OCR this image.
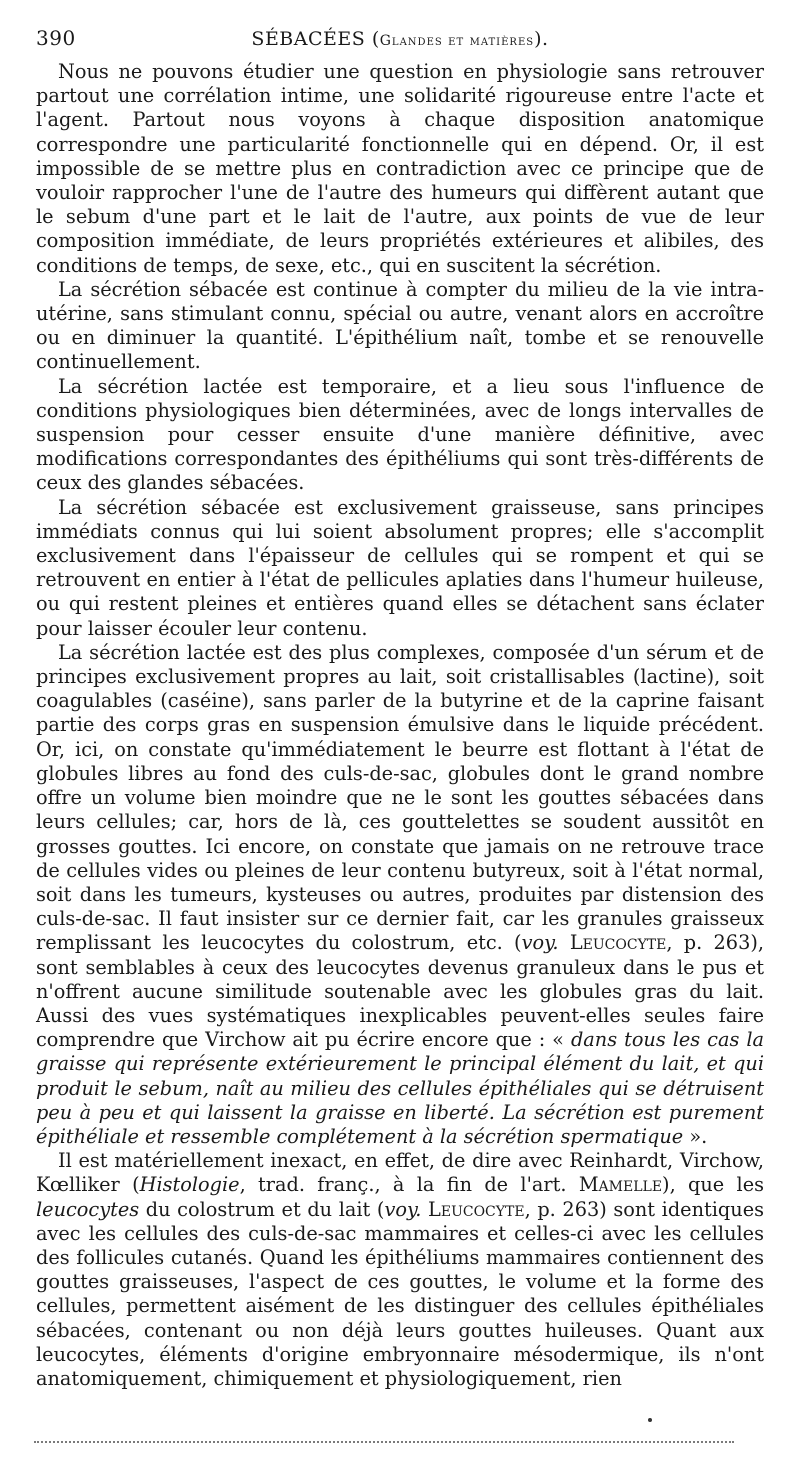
390	SÉBACÉES (Glandes et matières).

Nous ne pouvons étudier une question en physiologie sans retrouver partout une corrélation intime, une solidarité rigoureuse entre l'acte et l'agent. Partout nous voyons à chaque disposition anatomique correspondre une particularité fonctionnelle qui en dépend. Or, il est impossible de se mettre plus en contradiction avec ce principe que de vouloir rapprocher l'une de l'autre des humeurs qui diffèrent autant que le sebum d'une part et le lait de l'autre, aux points de vue de leur composition immédiate, de leurs propriétés extérieures et alibiles, des conditions de temps, de sexe, etc., qui en suscitent la sécrétion.

La sécrétion sébacée est continue à compter du milieu de la vie intra-utérine, sans stimulant connu, spécial ou autre, venant alors en accroître ou en diminuer la quantité. L'épithélium naît, tombe et se renouvelle continuellement.

La sécrétion lactée est temporaire, et a lieu sous l'influence de conditions physiologiques bien déterminées, avec de longs intervalles de suspension pour cesser ensuite d'une manière définitive, avec modifications correspondantes des épithéliums qui sont très-différents de ceux des glandes sébacées.

La sécrétion sébacée est exclusivement graisseuse, sans principes immédiats connus qui lui soient absolument propres; elle s'accomplit exclusivement dans l'épaisseur de cellules qui se rompent et qui se retrouvent en entier à l'état de pellicules aplaties dans l'humeur huileuse, ou qui restent pleines et entières quand elles se détachent sans éclater pour laisser écouler leur contenu.

La sécrétion lactée est des plus complexes, composée d'un sérum et de principes exclusivement propres au lait, soit cristallisables (lactine), soit coagulables (caséine), sans parler de la butyrine et de la caprine faisant partie des corps gras en suspension émulsive dans le liquide précédent. Or, ici, on constate qu'immédiatement le beurre est flottant à l'état de globules libres au fond des culs-de-sac, globules dont le grand nombre offre un volume bien moindre que ne le sont les gouttes sébacées dans leurs cellules; car, hors de là, ces gouttelettes se soudent aussitôt en grosses gouttes. Ici encore, on constate que jamais on ne retrouve trace de cellules vides ou pleines de leur contenu butyreux, soit à l'état normal, soit dans les tumeurs, kysteuses ou autres, produites par distension des culs-de-sac. Il faut insister sur ce dernier fait, car les granules graisseux remplissant les leucocytes du colostrum, etc. (voy. Leucocyte, p. 263), sont semblables à ceux des leucocytes devenus granuleux dans le pus et n'offrent aucune similitude soutenable avec les globules gras du lait. Aussi des vues systématiques inexplicables peuvent-elles seules faire comprendre que Virchow ait pu écrire encore que : « dans tous les cas la graisse qui représente extérieurement le principal élément du lait, et qui produit le sebum, naît au milieu des cellules épithéliales qui se détruisent peu à peu et qui laissent la graisse en liberté. La sécrétion est purement épithéliale et ressemble complétement à la sécrétion spermatique ».

Il est matériellement inexact, en effet, de dire avec Reinhardt, Virchow, Kœlliker (Histologie, trad. franç., à la fin de l'art. Mamelle), que les leucocytes du colostrum et du lait (voy. Leucocyte, p. 263) sont identiques avec les cellules des culs-de-sac mammaires et celles-ci avec les cellules des follicules cutanés. Quand les épithéliums mammaires contiennent des gouttes graisseuses, l'aspect de ces gouttes, le volume et la forme des cellules, permettent aisément de les distinguer des cellules épithéliales sébacées, contenant ou non déjà leurs gouttes huileuses. Quant aux leucocytes, éléments d'origine embryonnaire mésodermique, ils n'ont anatomiquement, chimiquement et physiologiquement, rien
